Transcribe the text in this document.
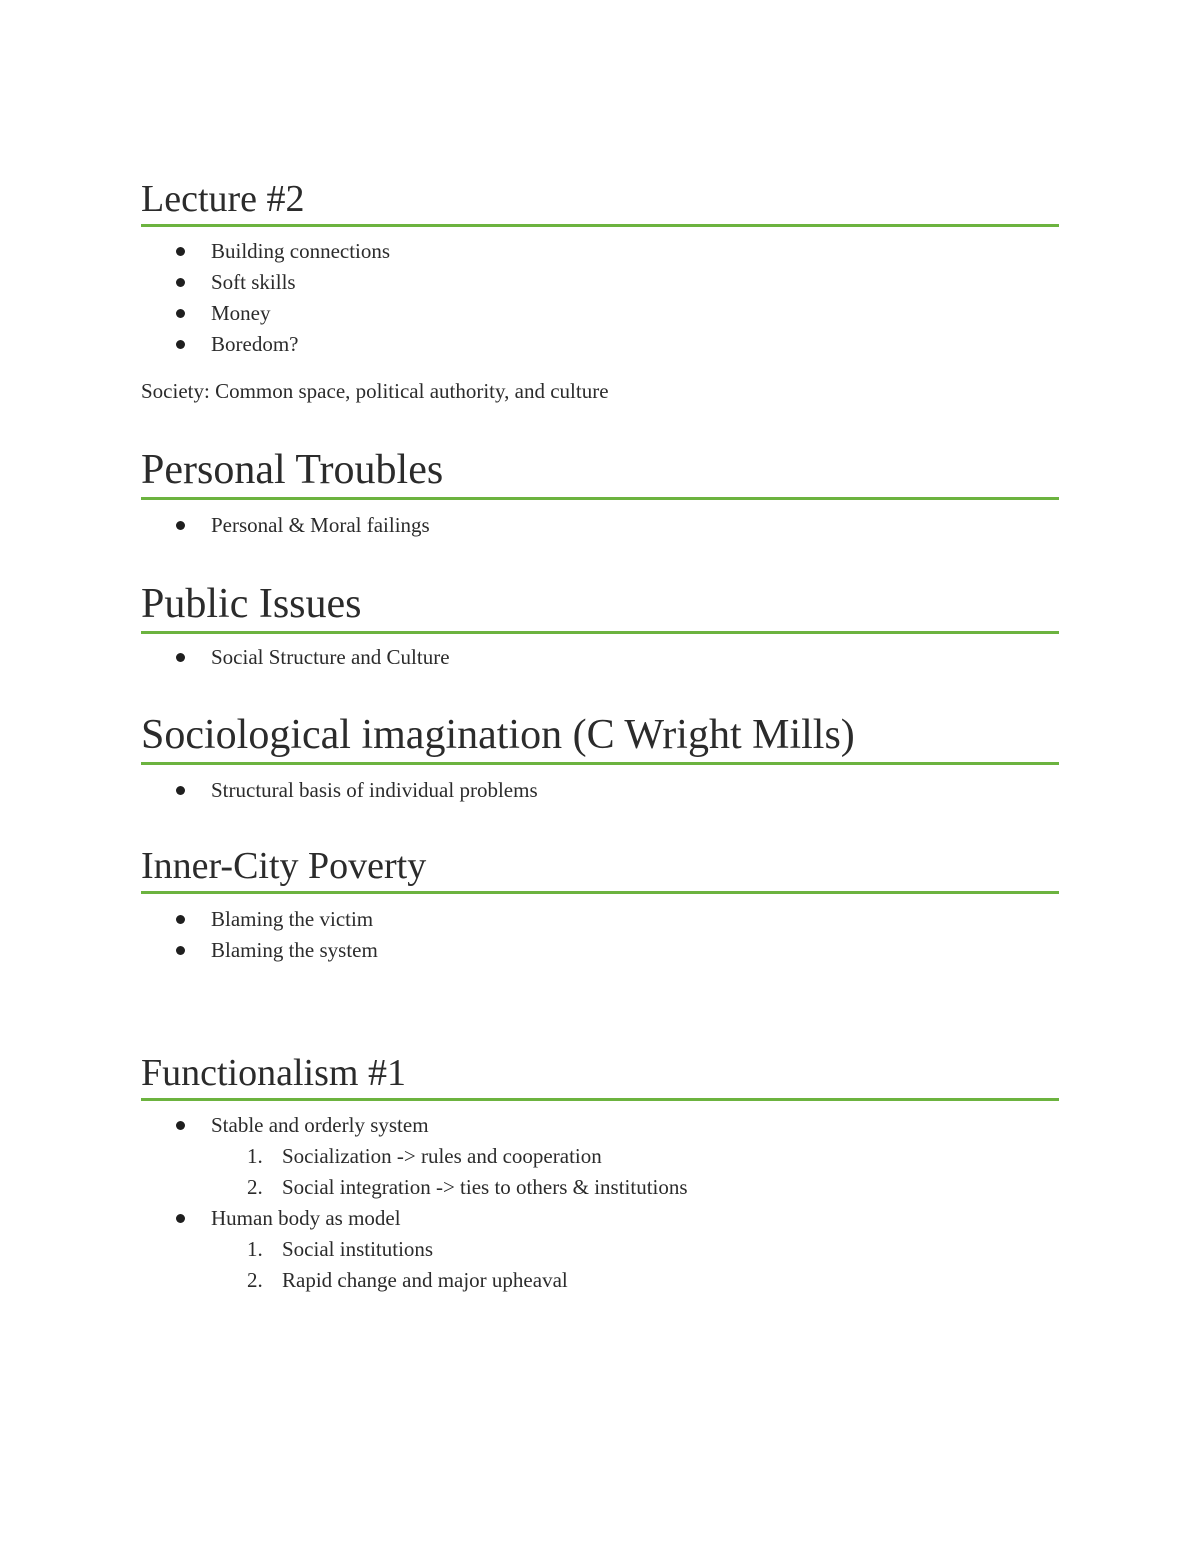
Lecture #2
Building connections
Soft skills
Money
Boredom?
Society: Common space, political authority, and culture
Personal Troubles
Personal & Moral failings
Public Issues
Social Structure and Culture
Sociological imagination (C Wright Mills)
Structural basis of individual problems
Inner-City Poverty
Blaming the victim
Blaming the system
Functionalism #1
Stable and orderly system
1. Socialization -> rules and cooperation
2. Social integration -> ties to others & institutions
Human body as model
1. Social institutions
2. Rapid change and major upheaval
